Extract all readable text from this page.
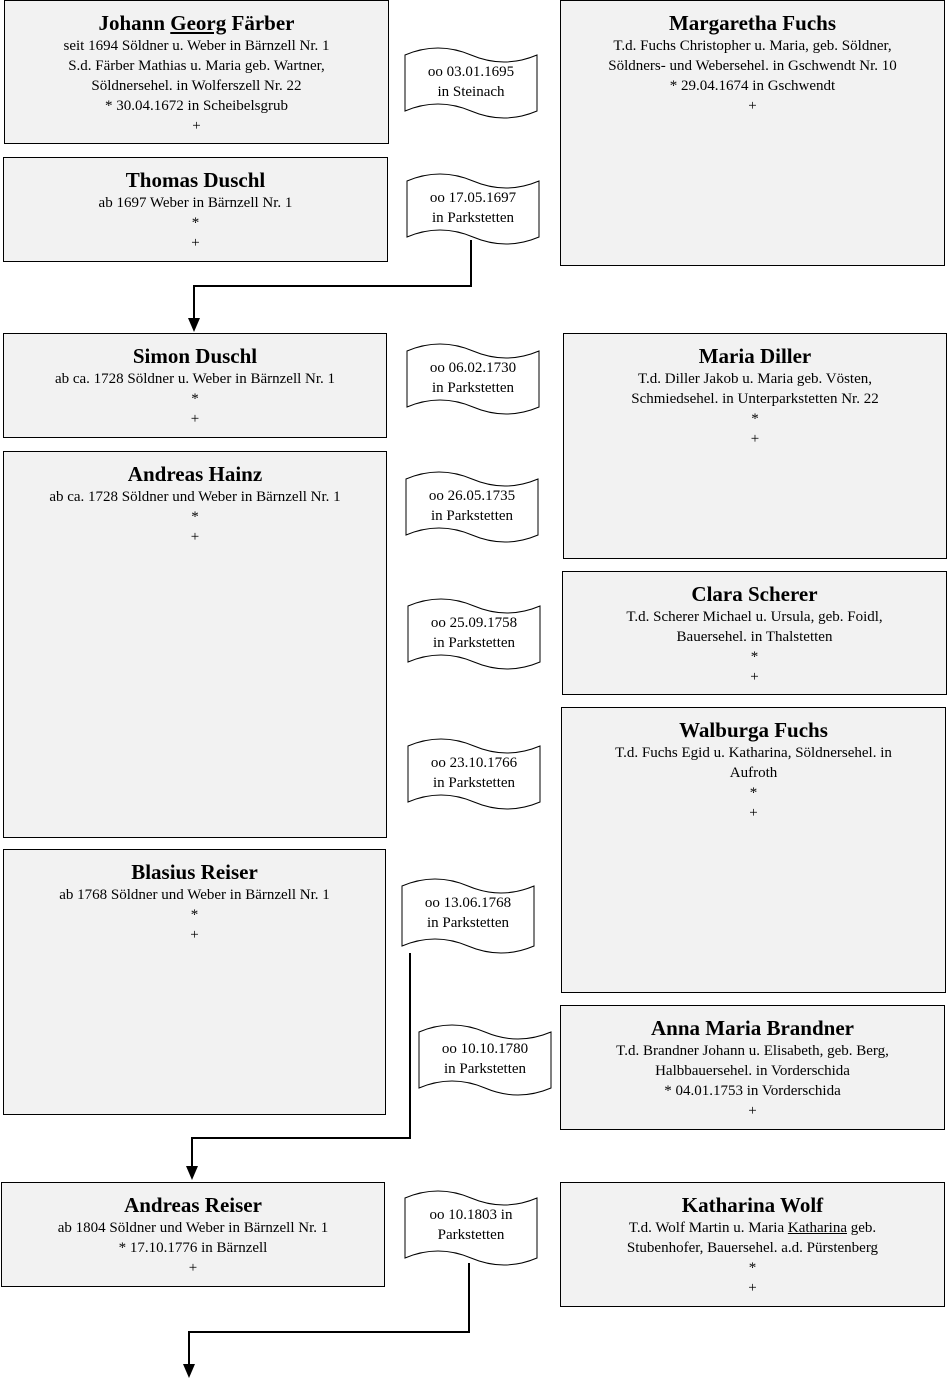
Johann Georg Färber
seit 1694 Söldner u. Weber in Bärnzell Nr. 1
S.d. Färber Mathias u. Maria geb. Wartner,
Söldnersehel. in Wolferszell Nr. 22
* 30.04.1672 in Scheibelsgrub
+
Thomas Duschl
ab 1697 Weber in Bärnzell Nr. 1
*
+
Simon Duschl
ab ca. 1728 Söldner u. Weber in Bärnzell Nr. 1
*
+
Andreas Hainz
ab ca. 1728 Söldner und Weber in Bärnzell Nr. 1
*
+
Blasius Reiser
ab 1768 Söldner und Weber in Bärnzell Nr. 1
*
+
Andreas Reiser
ab 1804 Söldner und Weber in Bärnzell Nr. 1
* 17.10.1776 in Bärnzell
+
Margaretha Fuchs
T.d. Fuchs Christopher u. Maria, geb. Söldner,
Söldners- und Webersehel. in Gschwendt Nr. 10
* 29.04.1674 in Gschwendt
+
Maria Diller
T.d. Diller Jakob u. Maria geb. Vösten,
Schmiedsehel. in Unterparkstetten Nr. 22
*
+
Clara Scherer
T.d. Scherer Michael u. Ursula, geb. Foidl,
Bauersehel. in Thalstetten
*
+
Walburga Fuchs
T.d. Fuchs Egid u. Katharina, Söldnersehel. in
Aufroth
*
+
Anna Maria Brandner
T.d. Brandner Johann u. Elisabeth, geb. Berg,
Halbbauersehel. in Vorderschida
* 04.01.1753 in Vorderschida
+
Katharina Wolf
T.d. Wolf Martin u. Maria Katharina geb.
Stubenhofer, Bauersehel. a.d. Pürstenberg
*
+
oo 03.01.1695
in Steinach
oo 17.05.1697
in Parkstetten
oo 06.02.1730
in Parkstetten
oo 26.05.1735
in Parkstetten
oo 25.09.1758
in Parkstetten
oo 23.10.1766
in Parkstetten
oo 13.06.1768
in Parkstetten
oo 10.10.1780
in Parkstetten
oo 10.1803 in
Parkstetten
